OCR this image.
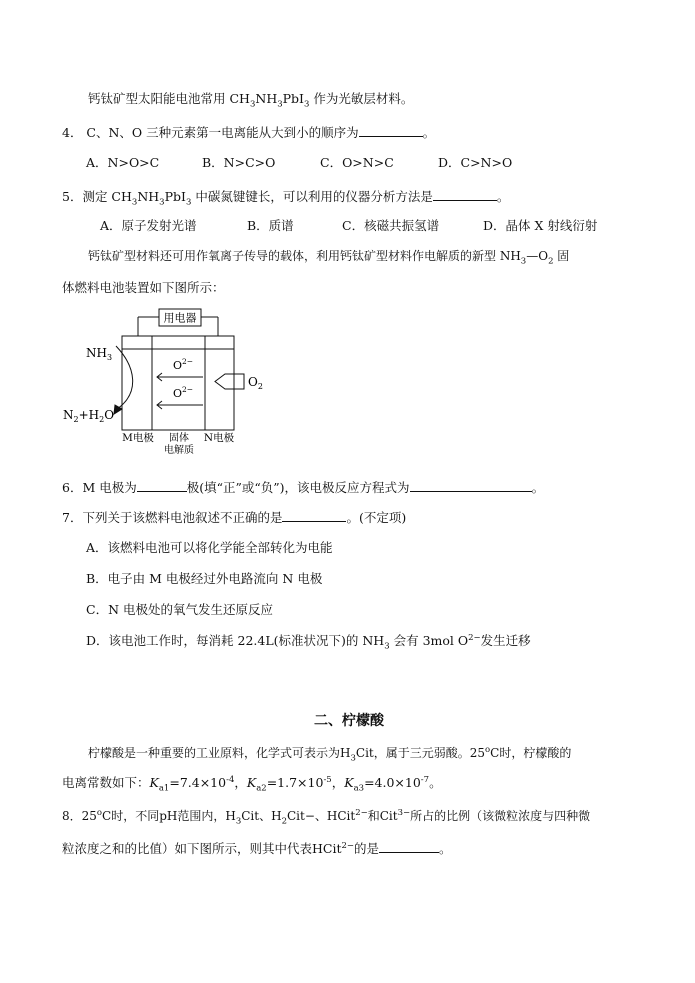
钙钛矿型太阳能电池常用 $CH_3NH_3PbI_3$ 作为光敏层材料。
4． C、N、O 三种元素第一电离能从大到小的顺序为	。
A．N>O>C	B．N>C>O	C．O>N>C	D．C>N>O
5．测定 $CH_3NH_3PbI_3$ 中碳氮键键长，可以利用的仪器分析方法是	。
A．原子发射光谱	B．质谱	C．核磁共振氢谱	D．晶体 X 射线衍射
钙钛矿型材料还可用作氧离子传导的载体，利用钙钛矿型材料作电解质的新型 $NH_3—O_2$ 固
体燃料电池装置如下图所示：
用电器
$NH_3$
$O_2$
$O^{2-}$
$O^{2-}$
$N_2+H_2O$
M电极 固体
电解质
N电极
6．M 电极为	极(填“正”或“负”)，该电极反应方程式为	。
7．下列关于该燃料电池叙述不正确的是	。(不定项)
A．该燃料电池可以将化学能全部转化为电能
B．电子由 M 电极经过外电路流向 N 电极
C．N 电极处的氧气发生还原反应
D．该电池工作时，每消耗 22.4L(标准状况下)的 $NH_3$ 会有 3mol $O^{2-}$发生迁移
二、柠檬酸
柠檬酸是一种重要的工业原料，化学式可表示为$H_3Cit$，属于三元弱酸。25$^o$C时，柠檬酸的
电离常数如下：$K_{a1}=7.4\times 10^{-4}$，$K_{a2}=1.7\times 10^{-5}$，$K_{a3}=4.0\times 10^{-7}$。
8．25$^o$C时，不同pH范围内，$H_3Cit$、$H_2Cit-$、HCit$^{2-}$和Cit$^{3-}$所占的比例（该微粒浓度与四种微
粒浓度之和的比值）如下图所示，则其中代表HCit$^{2-}$的是	。
